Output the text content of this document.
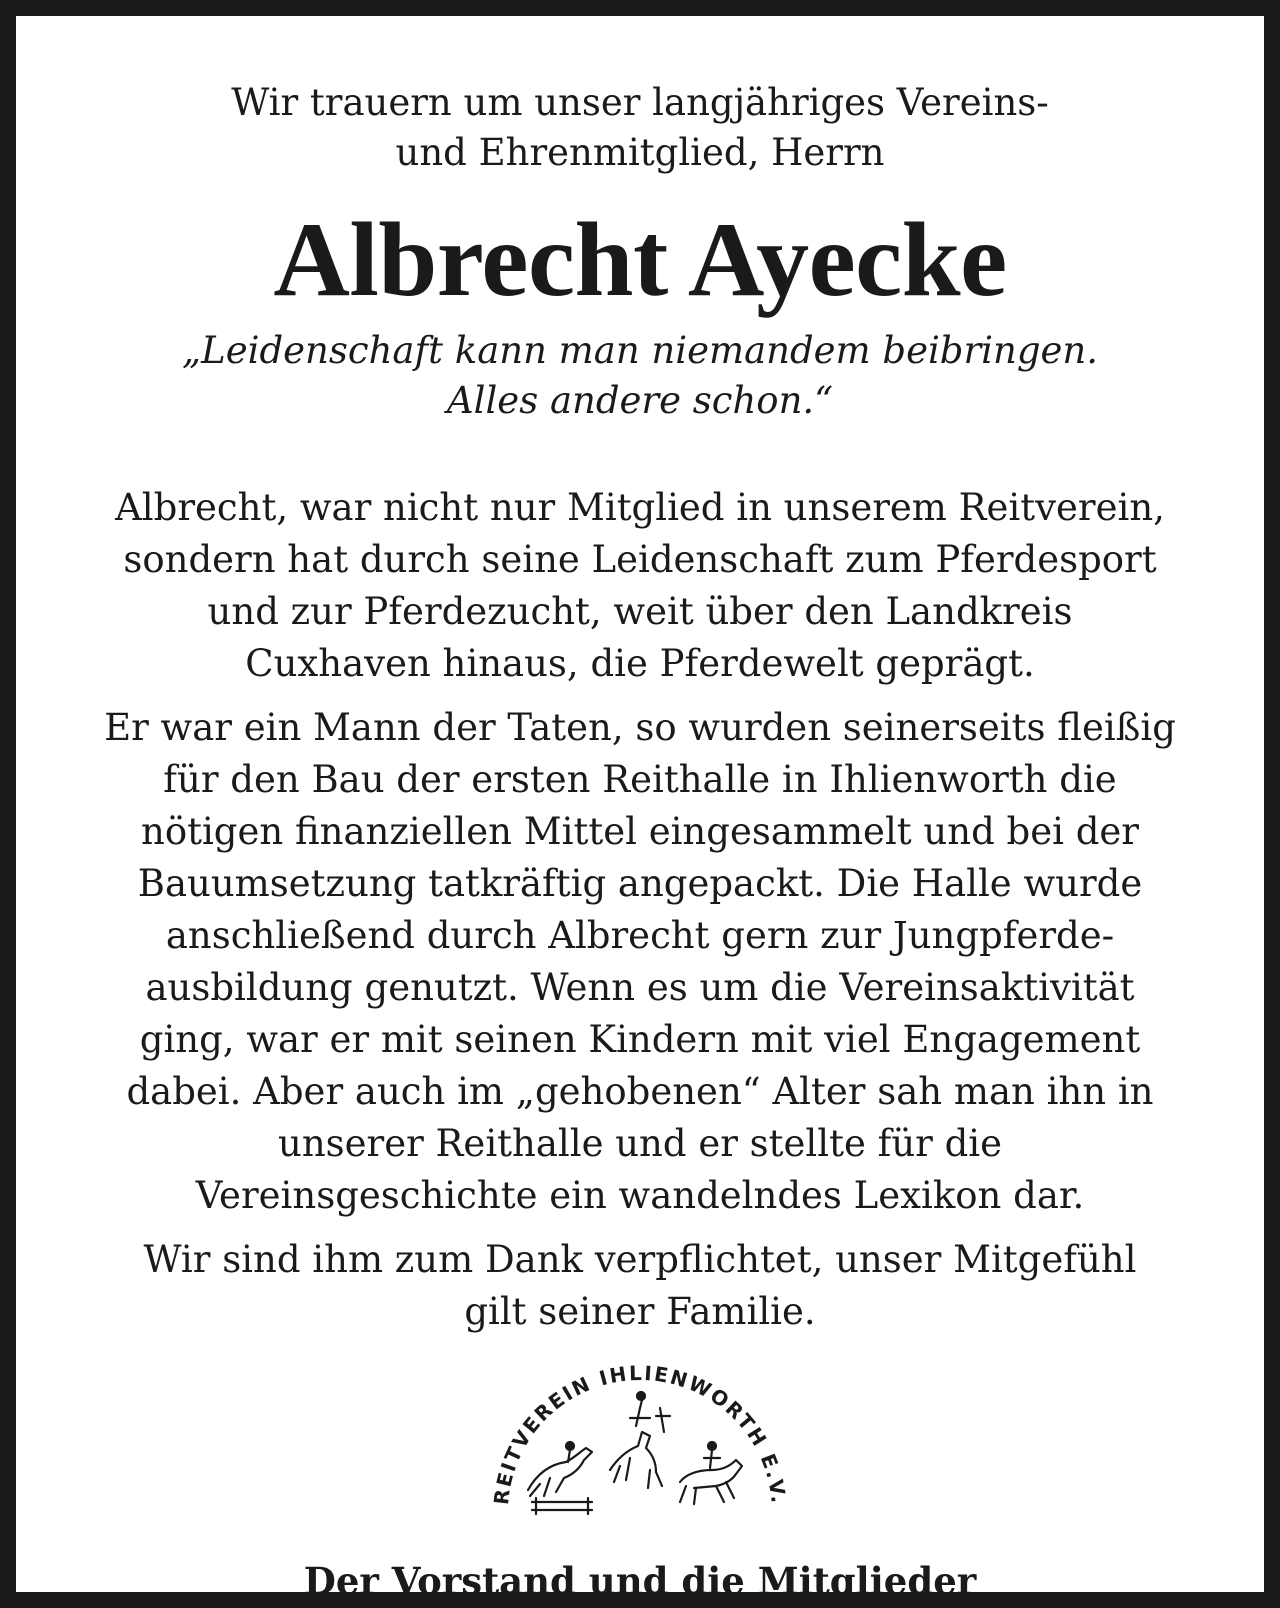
Wir trauern um unser langjähriges Vereins-
und Ehrenmitglied, Herrn

Albrecht Ayecke

„Leidenschaft kann man niemandem beibringen.
Alles andere schon.“

Albrecht, war nicht nur Mitglied in unserem Reitverein,
sondern hat durch seine Leidenschaft zum Pferdesport
und zur Pferdezucht, weit über den Landkreis
Cuxhaven hinaus, die Pferdewelt geprägt.

Er war ein Mann der Taten, so wurden seinerseits fleißig
für den Bau der ersten Reithalle in Ihlienworth die
nötigen finanziellen Mittel eingesammelt und bei der
Bauumsetzung tatkräftig angepackt. Die Halle wurde
anschließend durch Albrecht gern zur Jungpferde-
ausbildung genutzt. Wenn es um die Vereinsaktivität
ging, war er mit seinen Kindern mit viel Engagement
dabei. Aber auch im „gehobenen“ Alter sah man ihn in
unserer Reithalle und er stellte für die
Vereinsgeschichte ein wandelndes Lexikon dar.

Wir sind ihm zum Dank verpflichtet, unser Mitgefühl
gilt seiner Familie.

REITVEREIN IHLIENWORTH E.V.

Der Vorstand und die Mitglieder
